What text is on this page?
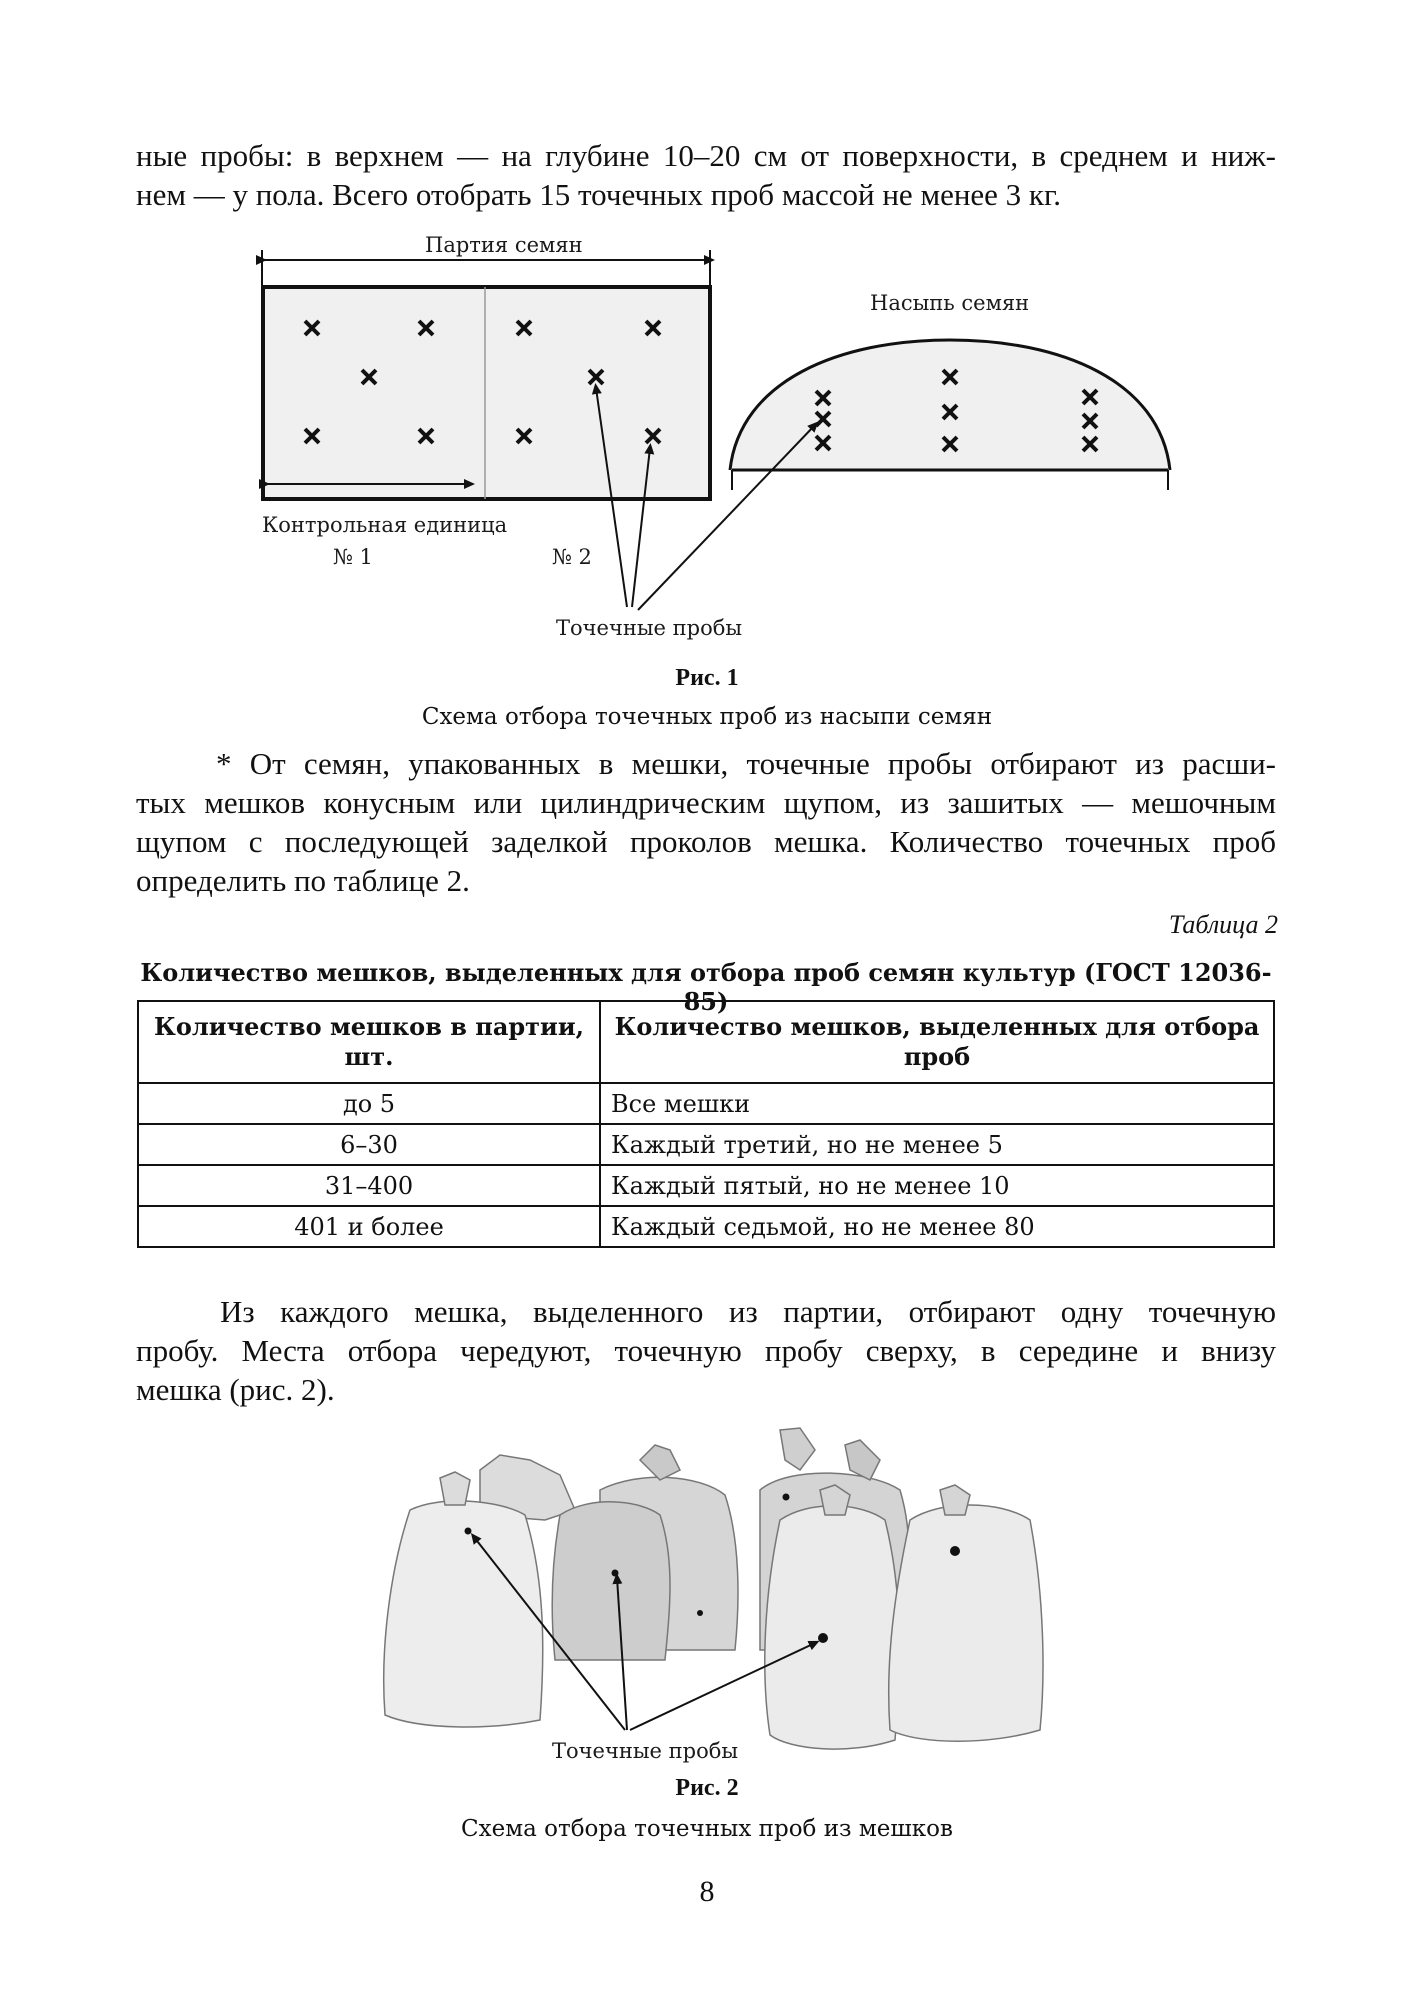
ные пробы: в верхнем — на глубине 10–20 см от поверхности, в среднем и ниж-
нем — у пола. Всего отобрать 15 точечных проб массой не менее 3 кг.
Партия семян
Контрольная единица
№ 1	№ 2
Насыпь семян
Точечные пробы
Рис. 1
Схема отбора точечных проб из насыпи семян
* От семян, упакованных в мешки, точечные пробы отбирают из расши-
тых мешков конусным или цилиндрическим щупом, из зашитых — мешочным
щупом с последующей заделкой проколов мешка. Количество точечных проб
определить по таблице 2.
Таблица 2
Количество мешков, выделенных для отбора проб семян культур (ГОСТ 12036-85)
Количество мешков в партии, шт.	Количество мешков, выделенных для отбора проб
до 5	Все мешки
6–30	Каждый третий, но не менее 5
31–400	Каждый пятый, но не менее 10
401 и более	Каждый седьмой, но не менее 80
Из каждого мешка, выделенного из партии, отбирают одну точечную
пробу. Места отбора чередуют, точечную пробу сверху, в середине и внизу
мешка (рис. 2).
Точечные пробы
Рис. 2
Схема отбора точечных проб из мешков
8
